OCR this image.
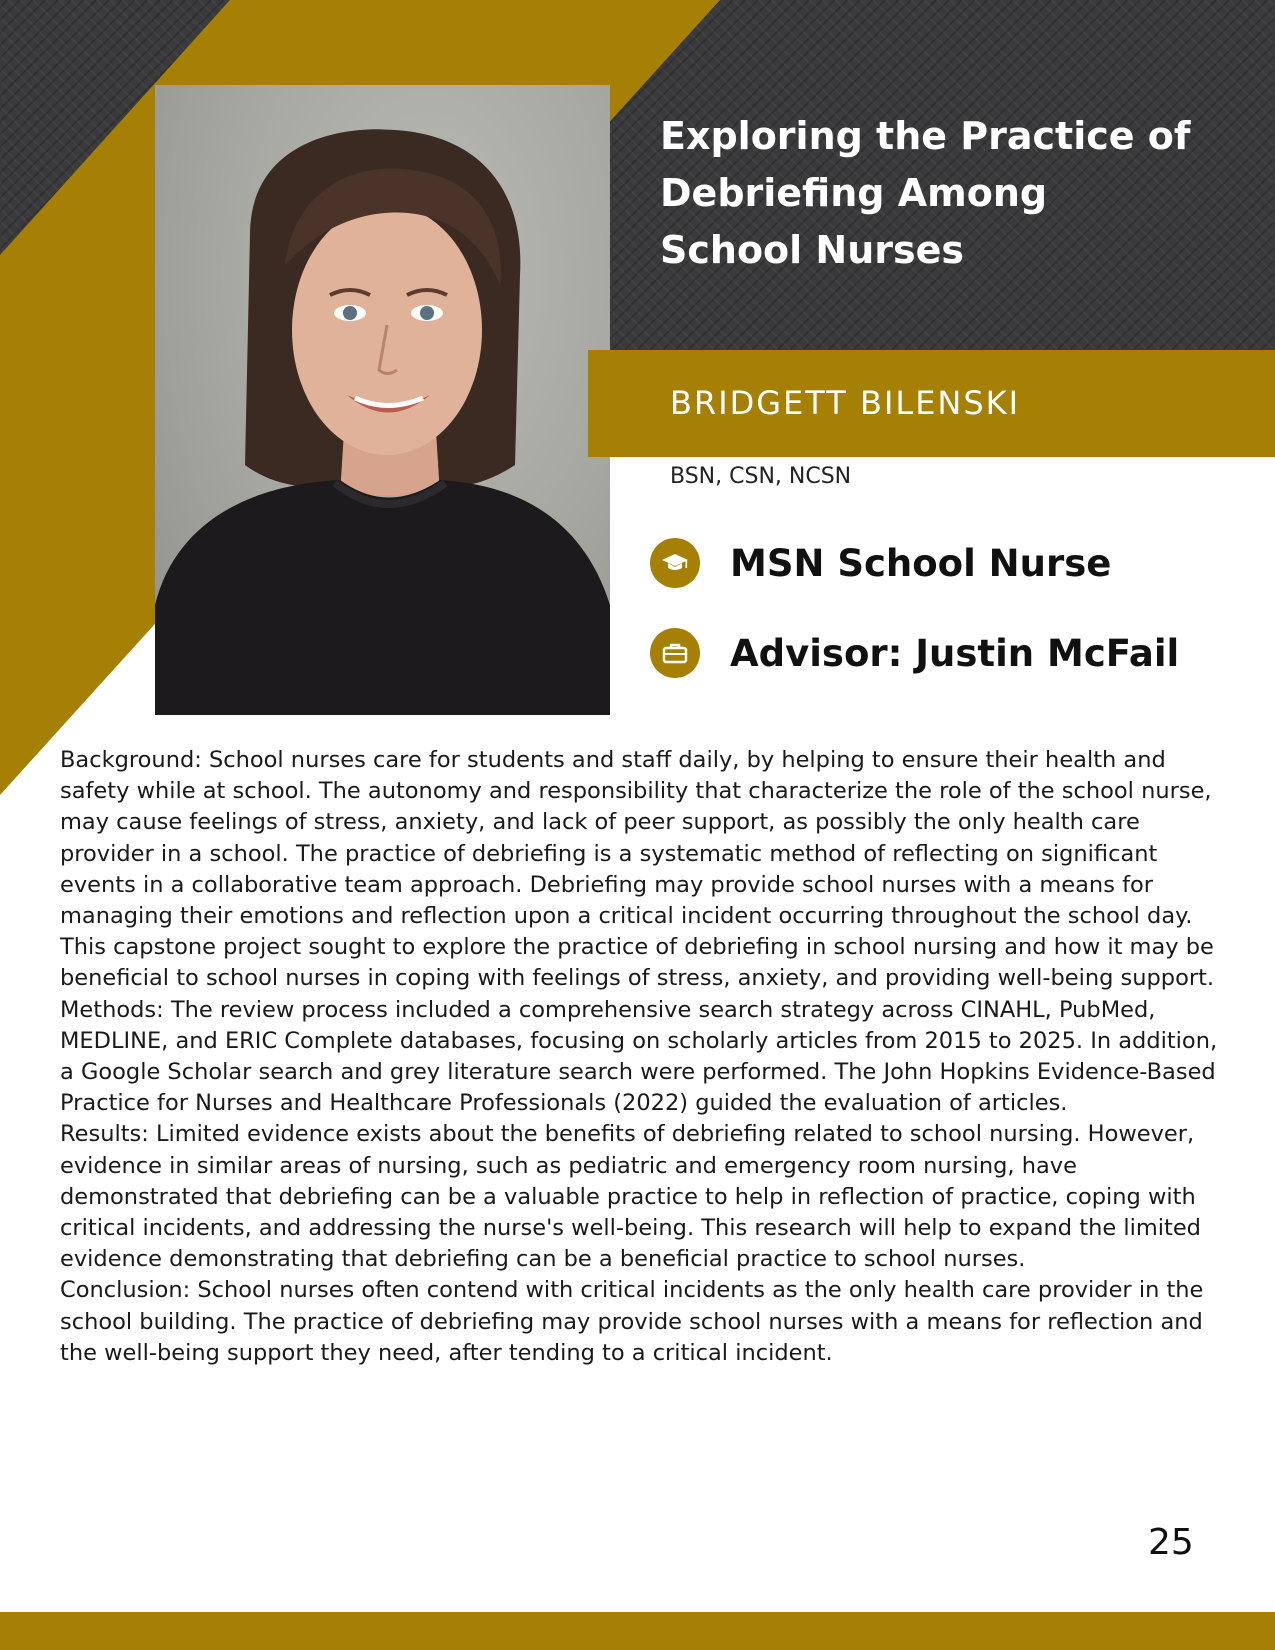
Exploring the Practice of
Debriefing Among
School Nurses
BRIDGETT BILENSKI
BSN, CSN, NCSN
MSN School Nurse
Advisor: Justin McFail

Background: School nurses care for students and staff daily, by helping to ensure their health and safety while at school. The autonomy and responsibility that characterize the role of the school nurse, may cause feelings of stress, anxiety, and lack of peer support, as possibly the only health care provider in a school. The practice of debriefing is a systematic method of reflecting on significant events in a collaborative team approach. Debriefing may provide school nurses with a means for managing their emotions and reflection upon a critical incident occurring throughout the school day. This capstone project sought to explore the practice of debriefing in school nursing and how it may be beneficial to school nurses in coping with feelings of stress, anxiety, and providing well-being support.

Methods: The review process included a comprehensive search strategy across CINAHL, PubMed, MEDLINE, and ERIC Complete databases, focusing on scholarly articles from 2015 to 2025. In addition, a Google Scholar search and grey literature search were performed. The John Hopkins Evidence-Based Practice for Nurses and Healthcare Professionals (2022) guided the evaluation of articles.

Results: Limited evidence exists about the benefits of debriefing related to school nursing. However, evidence in similar areas of nursing, such as pediatric and emergency room nursing, have demonstrated that debriefing can be a valuable practice to help in reflection of practice, coping with critical incidents, and addressing the nurse's well-being. This research will help to expand the limited evidence demonstrating that debriefing can be a beneficial practice to school nurses.

Conclusion: School nurses often contend with critical incidents as the only health care provider in the school building. The practice of debriefing may provide school nurses with a means for reflection and the well-being support they need, after tending to a critical incident.

25
